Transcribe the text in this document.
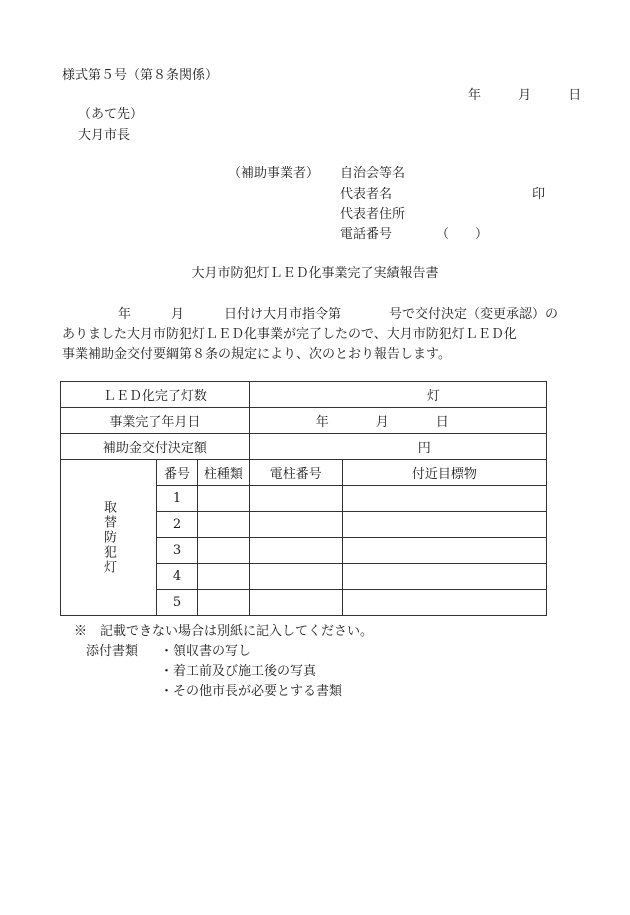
様式第５号（第８条関係）
年	月	日
（あて先）
大月市長
（補助事業者） 自治会等名
代表者名	印
代表者住所
電話番号	（　　）
大月市防犯灯ＬＥＤ化事業完了実績報告書
年	月	日付け大月市指令第	号で交付決定（変更承認）の
ありました大月市防犯灯ＬＥＤ化事業が完了したので、大月市防犯灯ＬＥＤ化
事業補助金交付要綱第８条の規定により、次のとおり報告します。
ＬＥＤ化完了灯数			灯	
事業完了年月日			年 月 日	
補助金交付決定額			円	

取替防犯灯	番号	柱種類	電柱番号	付近目標物
	1			
	2			
	3			
	4			
	5			
※　記載できない場合は別紙に記入してください。
添付書類 ・領収書の写し
・着工前及び施工後の写真
・その他市長が必要とする書類
